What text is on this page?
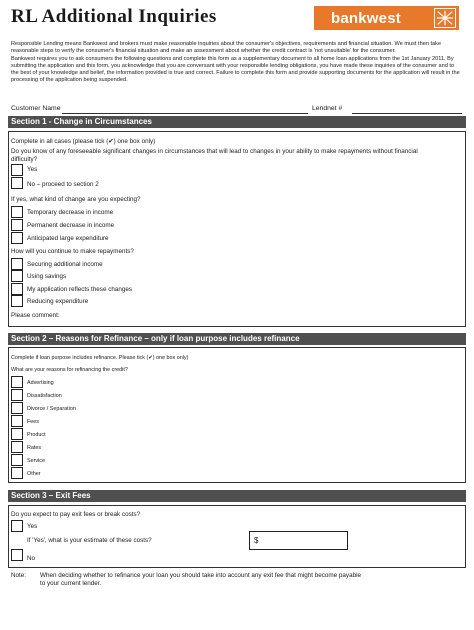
RL Additional Inquiries	bankwest

Responsible Lending means Bankwest and brokers must make reasonable inquiries about the consumer's objectives, requirements and financial situation. We must then take reasonable steps to verify the consumer's financial situation and make an assessment about whether the credit contract is 'not unsuitable' for the consumer.

Bankwest requires you to ask consumers the following questions and complete this form as a supplementary document to all home loan applications from the 1st January 2011. By submitting the application and this form, you acknowledge that you are conversant with your responsible lending obligations, you have made these inquiries of the consumer and to the best of your knowledge and belief, the information provided is true and correct. Failure to complete this form and provide supporting documents for the application will result in the processing of the application being suspended.

Customer Name	Lendnet #
Section 1 - Change in Circumstances
Complete in all cases (please tick (✔) one box only)
Do you know of any foreseeable significant changes in circumstances that will lead to changes in your ability to make repayments without financial difficulty?
Yes
No – proceed to section 2
If yes, what kind of change are you expecting?
Temporary decrease in income
Permanent decrease in income
Anticipated large expenditure
How will you continue to make repayments?
Securing additional income
Using savings
My application reflects these changes
Reducing expenditure
Please comment:
Section 2 – Reasons for Refinance – only if loan purpose includes refinance
Complete if loan purpose includes refinance. Please tick (✔) one box only)
What are your reasons for refinancing the credit?
Advertising
Dissatisfaction
Divorce / Separation
Fees
Product
Rates
Service
Other
Section 3 – Exit Fees
Do you expect to pay exit fees or break costs?
Yes
If 'Yes', what is your estimate of these costs?	$
No
Note: When deciding whether to refinance your loan you should take into account any exit fee that might become payable
to your current lender.
